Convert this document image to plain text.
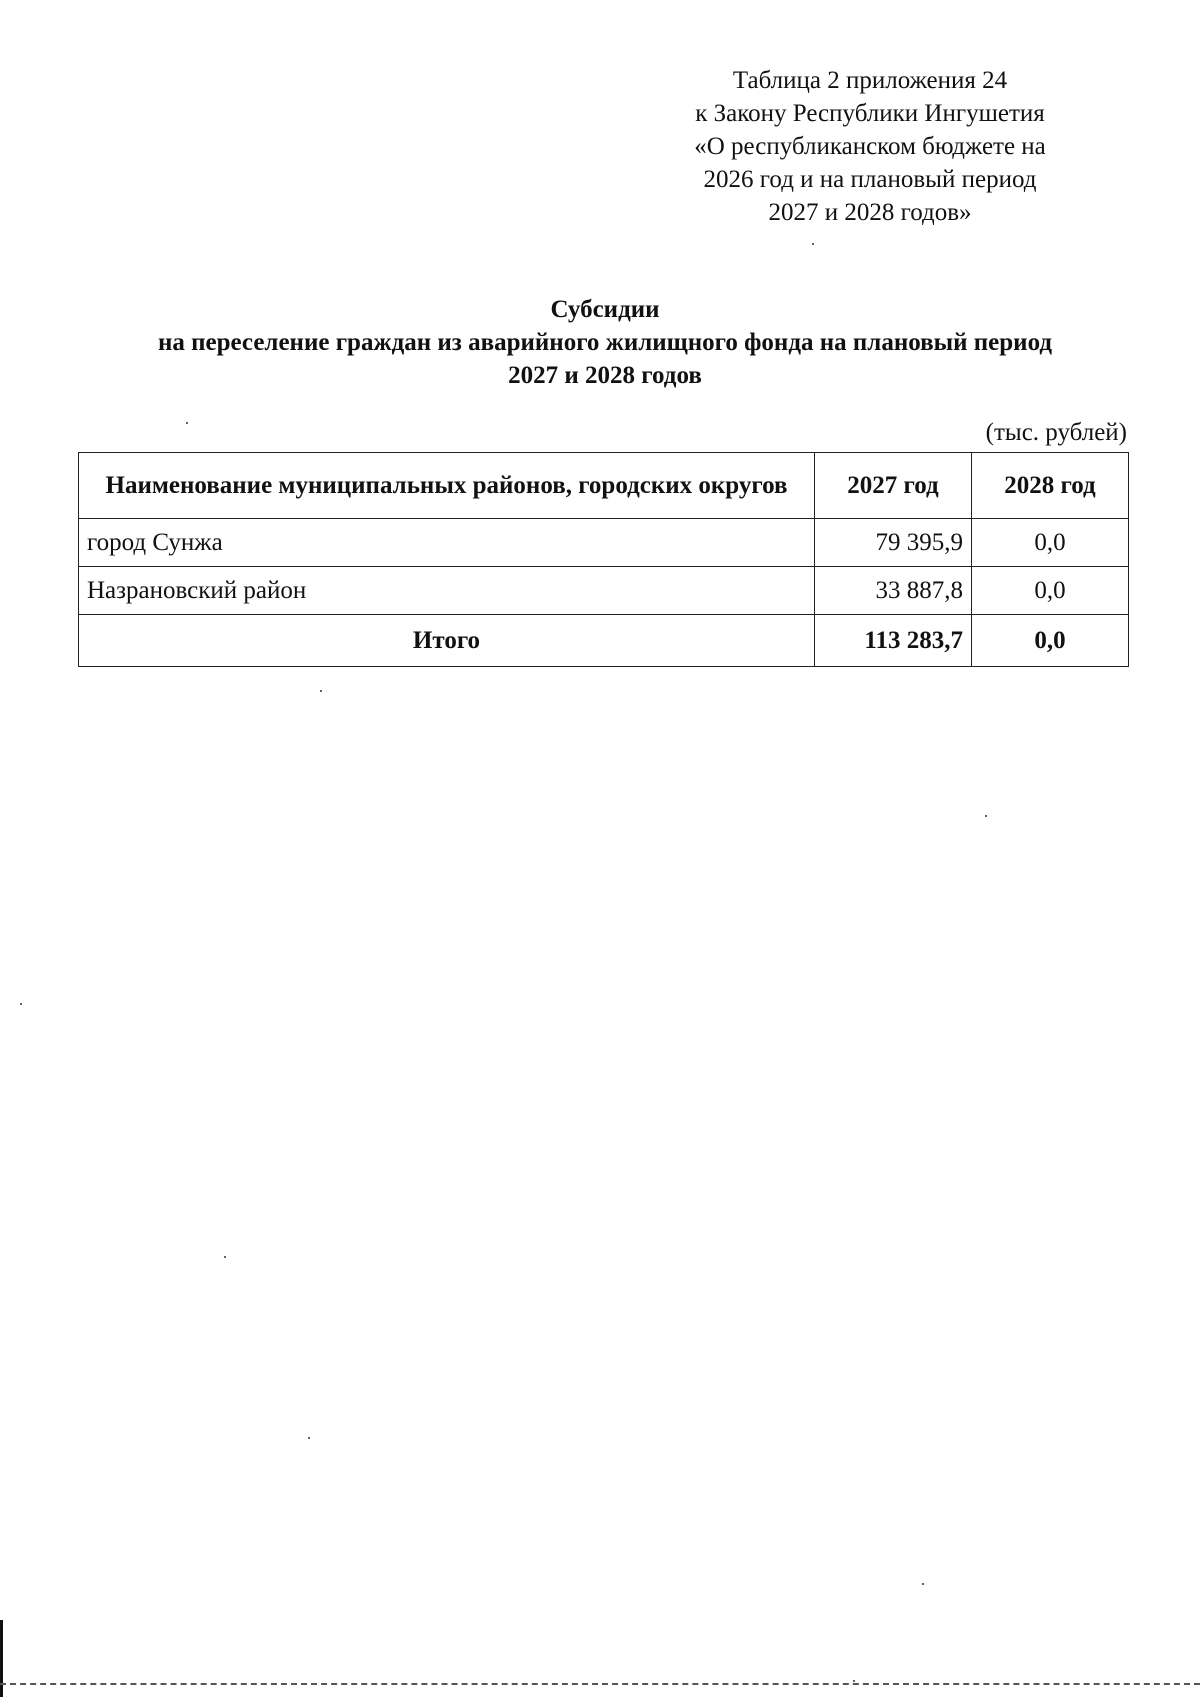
Таблица 2 приложения 24
к Закону Республики Ингушетия
«О республиканском бюджете на
2026 год и на плановый период
2027 и 2028 годов»
Субсидии
на переселение граждан из аварийного жилищного фонда на плановый период
2027 и 2028 годов
(тыс. рублей)
Наименование муниципальных районов, городских округов	2027 год	2028 год
город Сунжа	79 395,9	0,0
Назрановский район	33 887,8	0,0
Итого	113 283,7	0,0
